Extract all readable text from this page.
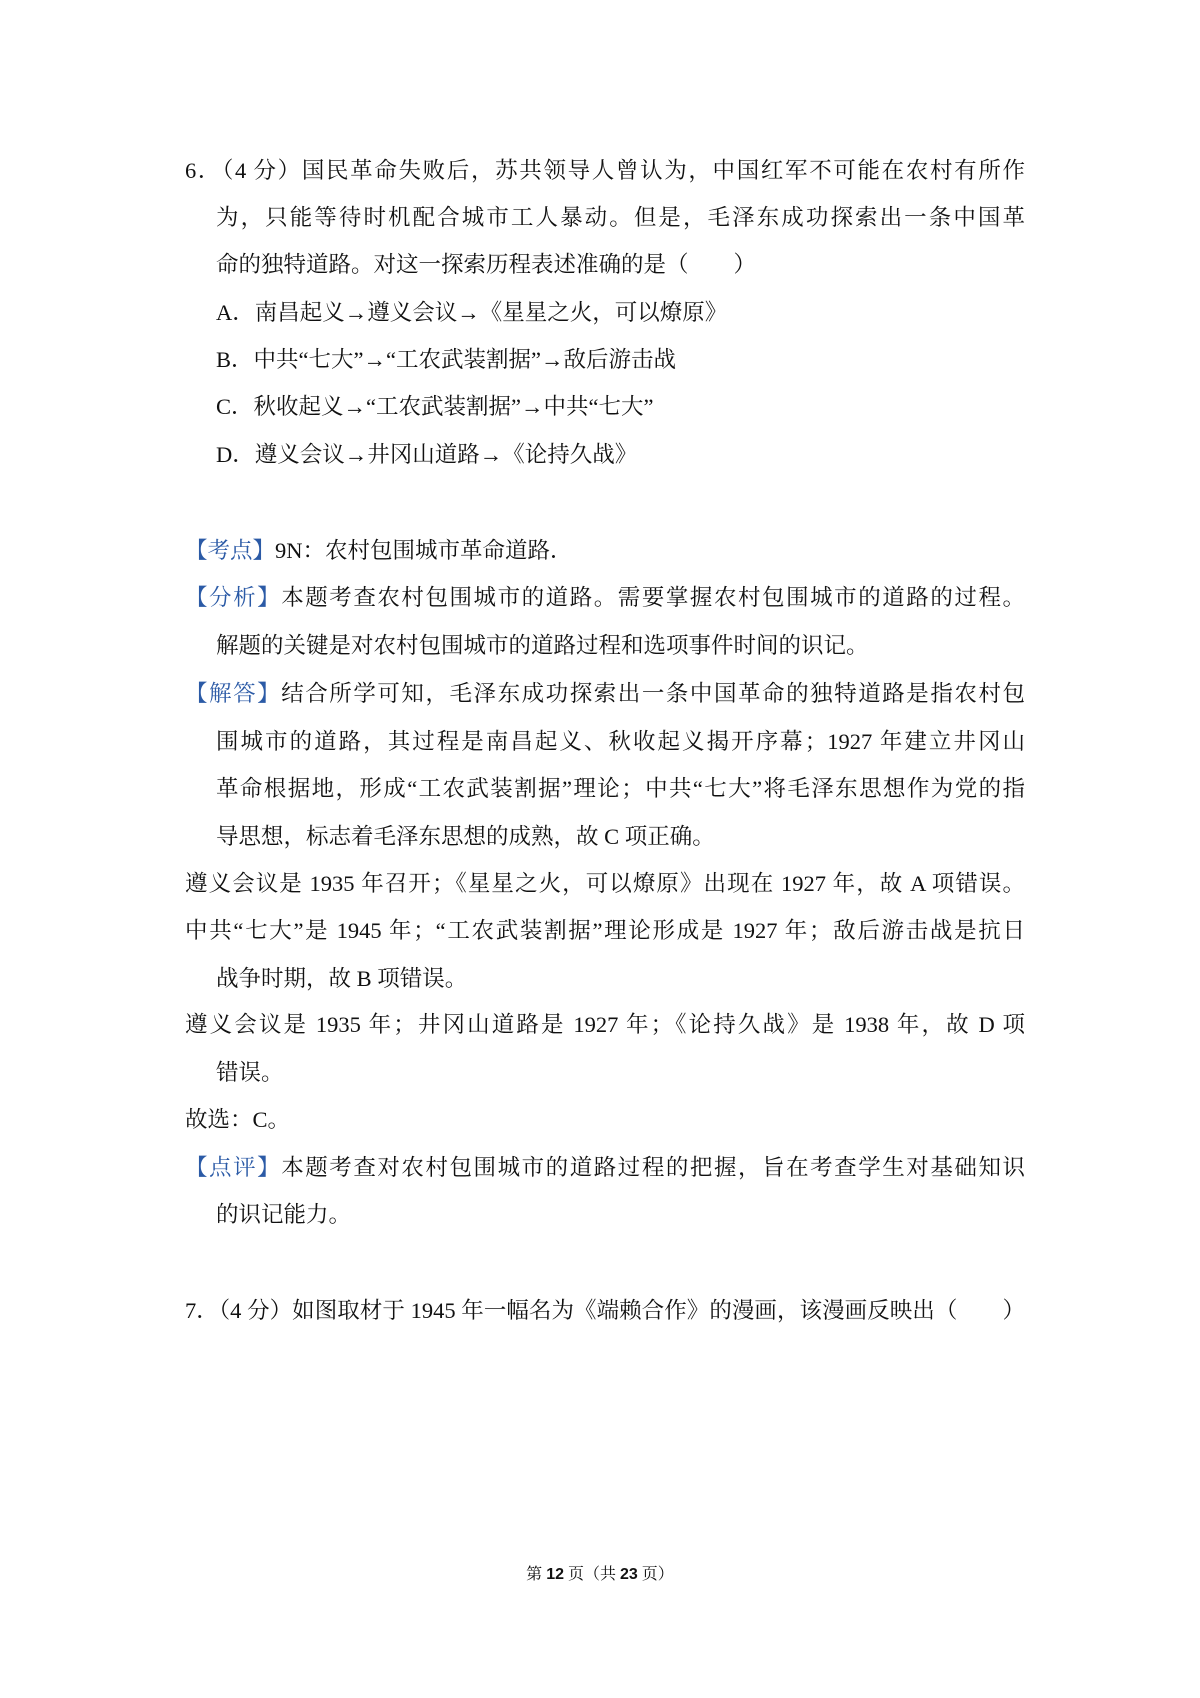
6．（4 分）国民革命失败后，苏共领导人曾认为，中国红军不可能在农村有所作
为，只能等待时机配合城市工人暴动。但是，毛泽东成功探索出一条中国革
命的独特道路。对这一探索历程表述准确的是（　　）
A．南昌起义→遵义会议→《星星之火，可以燎原》
B．中共“七大”→“工农武装割据”→敌后游击战
C．秋收起义→“工农武装割据”→中共“七大”
D．遵义会议→井冈山道路→《论持久战》
【考点】9N：农村包围城市革命道路．
【分析】本题考查农村包围城市的道路。需要掌握农村包围城市的道路的过程。
解题的关键是对农村包围城市的道路过程和选项事件时间的识记。
【解答】结合所学可知，毛泽东成功探索出一条中国革命的独特道路是指农村包
围城市的道路，其过程是南昌起义、秋收起义揭开序幕；1927 年建立井冈山
革命根据地，形成“工农武装割据”理论；中共“七大”将毛泽东思想作为党的指
导思想，标志着毛泽东思想的成熟，故 C 项正确。
遵义会议是 1935 年召开；《星星之火，可以燎原》出现在 1927 年，故 A 项错误。
中共“七大”是 1945 年；“工农武装割据”理论形成是 1927 年；敌后游击战是抗日
战争时期，故 B 项错误。
遵义会议是 1935 年；井冈山道路是 1927 年；《论持久战》是 1938 年，故 D 项
错误。
故选：C。
【点评】本题考查对农村包围城市的道路过程的把握，旨在考查学生对基础知识
的识记能力。
7．（4 分）如图取材于 1945 年一幅名为《端赖合作》的漫画，该漫画反映出（　　）
第 12 页（共 23 页）
